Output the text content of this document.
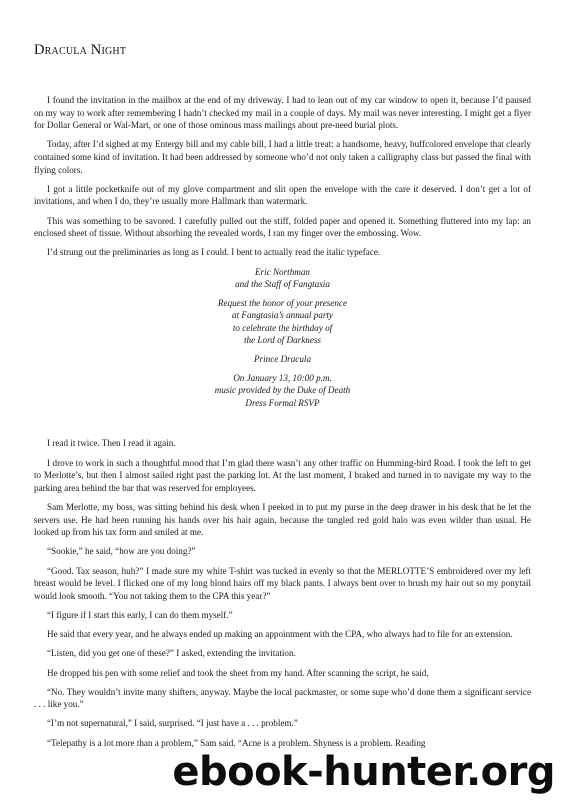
Dracula Night

I found the invitation in the mailbox at the end of my driveway. I had to lean out of my car window to open it, because I’d paused on my way to work after remembering I hadn’t checked my mail in a couple of days. My mail was never interesting. I might get a flyer for Dollar General or Wal-Mart, or one of those ominous mass mailings about pre-need burial plots.

Today, after I’d sighed at my Entergy bill and my cable bill, I had a little treat: a handsome, heavy, buffcolored envelope that clearly contained some kind of invitation. It had been addressed by someone who’d not only taken a calligraphy class but passed the final with flying colors.

I got a little pocketknife out of my glove compartment and slit open the envelope with the care it deserved. I don’t get a lot of invitations, and when I do, they’re usually more Hallmark than watermark.

This was something to be savored. I carefully pulled out the stiff, folded paper and opened it. Something fluttered into my lap: an enclosed sheet of tissue. Without absorbing the revealed words, I ran my finger over the embossing. Wow.

I’d strung out the preliminaries as long as I could. I bent to actually read the italic typeface.

Eric Northman
and the Staff of Fangtasia
Request the honor of your presence
at Fangtasia’s annual party
to celebrate the birthday of
the Lord of Darkness
Prince Dracula
On January 13, 10:00 p.m.
music provided by the Duke of Death
Dress Formal RSVP

I read it twice. Then I read it again.

I drove to work in such a thoughtful mood that I’m glad there wasn’t any other traffic on Humming-bird Road. I took the left to get to Merlotte’s, but then I almost sailed right past the parking lot. At the last moment, I braked and turned in to navigate my way to the parking area behind the bar that was reserved for employees.

Sam Merlotte, my boss, was sitting behind his desk when I peeked in to put my purse in the deep drawer in his desk that he let the servers use. He had been running his hands over his hair again, because the tangled red gold halo was even wilder than usual. He looked up from his tax form and smiled at me.

“Sookie,” he said, “how are you doing?”

“Good. Tax season, huh?” I made sure my white T-shirt was tucked in evenly so that the MERLOTTE’S embroidered over my left breast would be level. I flicked one of my long blond hairs off my black pants. I always bent over to brush my hair out so my ponytail would look smooth. “You not taking them to the CPA this year?”

“I figure if I start this early, I can do them myself.”

He said that every year, and he always ended up making an appointment with the CPA, who always had to file for an extension.

“Listen, did you get one of these?” I asked, extending the invitation.

He dropped his pen with some relief and took the sheet from my hand. After scanning the script, he said,

“No. They wouldn’t invite many shifters, anyway. Maybe the local packmaster, or some supe who’d done them a significant service . . . like you.”

“I’m not supernatural,” I said, surprised. “I just have a . . . problem.”

“Telepathy is a lot more than a problem,” Sam said. “Acne is a problem. Shyness is a problem. Reading

ebook-hunter.org
